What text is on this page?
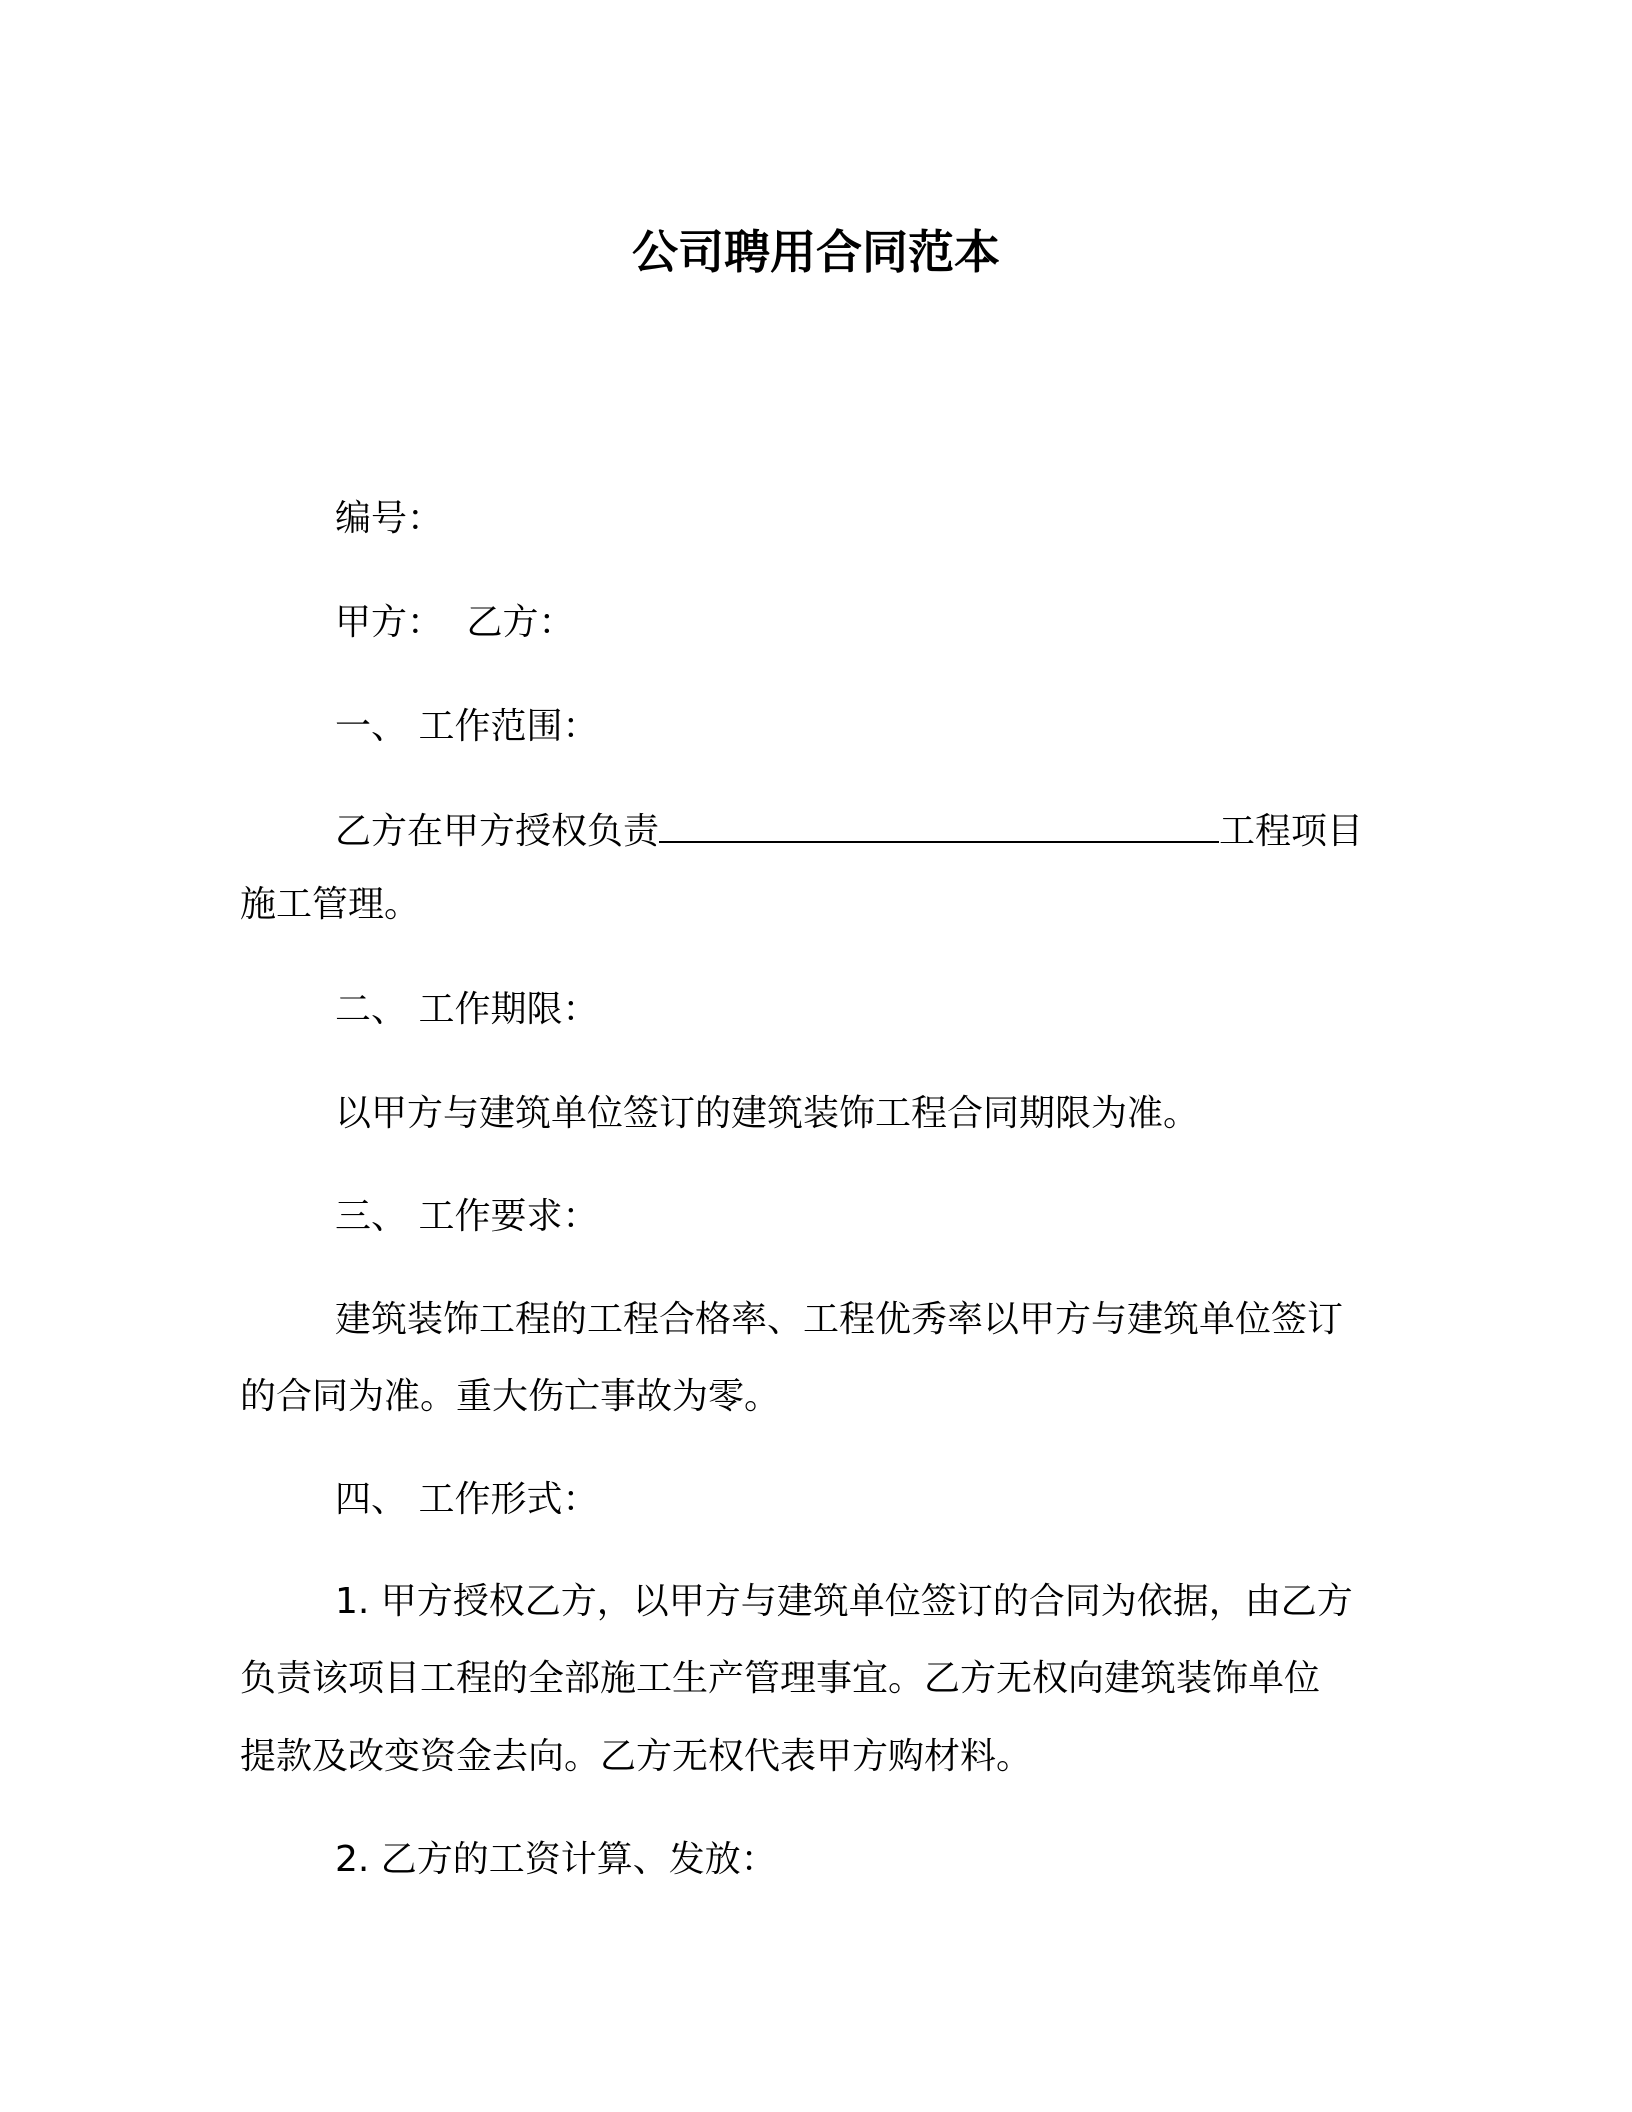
公司聘用合同范本
编号：
甲方： 乙方：
一、 工作范围：
乙方在甲方授权负责	工程项目
施工管理。
二、 工作期限：
以甲方与建筑单位签订的建筑装饰工程合同期限为准。
三、 工作要求：
建筑装饰工程的工程合格率、工程优秀率以甲方与建筑单位签订
的合同为准。重大伤亡事故为零。
四、 工作形式：
1. 甲方授权乙方，以甲方与建筑单位签订的合同为依据，由乙方
负责该项目工程的全部施工生产管理事宜。乙方无权向建筑装饰单位
提款及改变资金去向。乙方无权代表甲方购材料。
2. 乙方的工资计算、发放：
